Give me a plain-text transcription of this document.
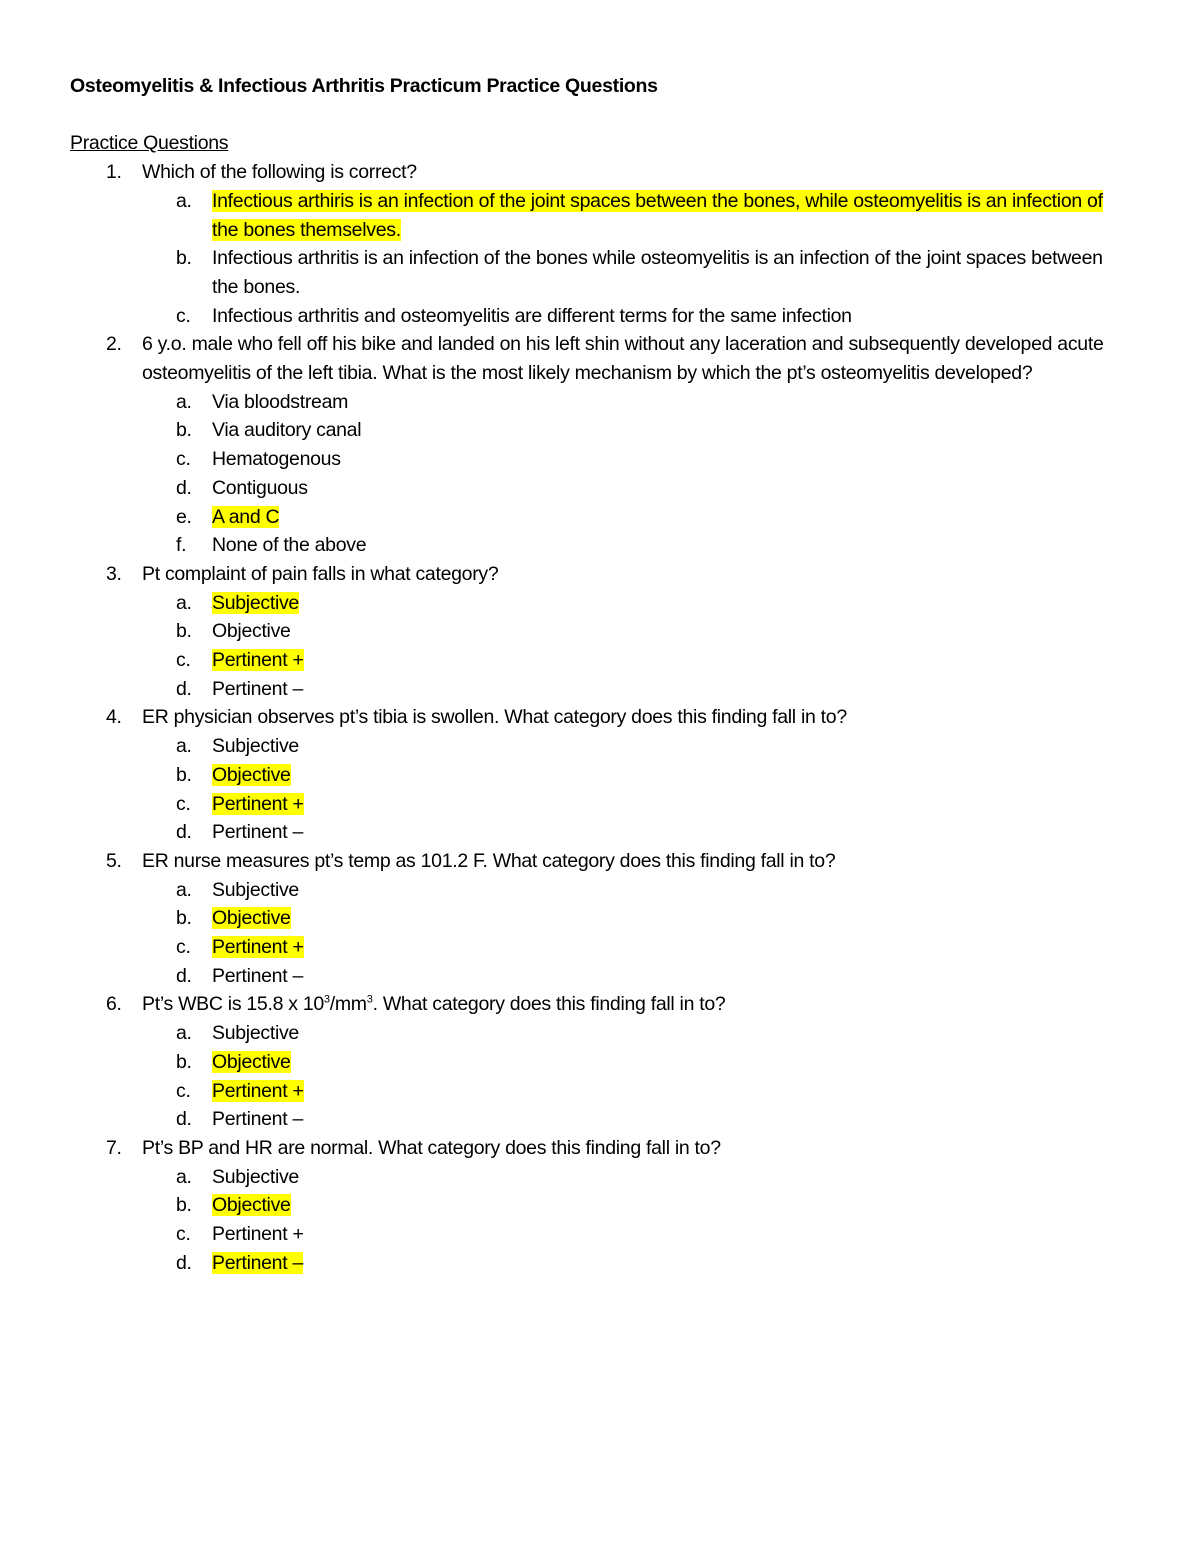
Osteomyelitis & Infectious Arthritis Practicum Practice Questions
Practice Questions
1.	Which of the following is correct?
a.	Infectious arthiris is an infection of the joint spaces between the bones, while osteomyelitis is an infection of the bones themselves.
b.	Infectious arthritis is an infection of the bones while osteomyelitis is an infection of the joint spaces between the bones.
c.	Infectious arthritis and osteomyelitis are different terms for the same infection
2.	6 y.o. male who fell off his bike and landed on his left shin without any laceration and subsequently developed acute osteomyelitis of the left tibia. What is the most likely mechanism by which the pt’s osteomyelitis developed?
a.	Via bloodstream
b.	Via auditory canal
c.	Hematogenous
d.	Contiguous
e.	A and C
f.	None of the above
3.	Pt complaint of pain falls in what category?
a.	Subjective
b.	Objective
c.	Pertinent +
d.	Pertinent –
4.	ER physician observes pt’s tibia is swollen. What category does this finding fall in to?
a.	Subjective
b.	Objective
c.	Pertinent +
d.	Pertinent –
5.	ER nurse measures pt’s temp as 101.2 F. What category does this finding fall in to?
a.	Subjective
b.	Objective
c.	Pertinent +
d.	Pertinent –
6.	Pt’s WBC is 15.8 x $10^3/mm^3$. What category does this finding fall in to?
a.	Subjective
b.	Objective
c.	Pertinent +
d.	Pertinent –
7.	Pt’s BP and HR are normal. What category does this finding fall in to?
a.	Subjective
b.	Objective
c.	Pertinent +
d.	Pertinent –
